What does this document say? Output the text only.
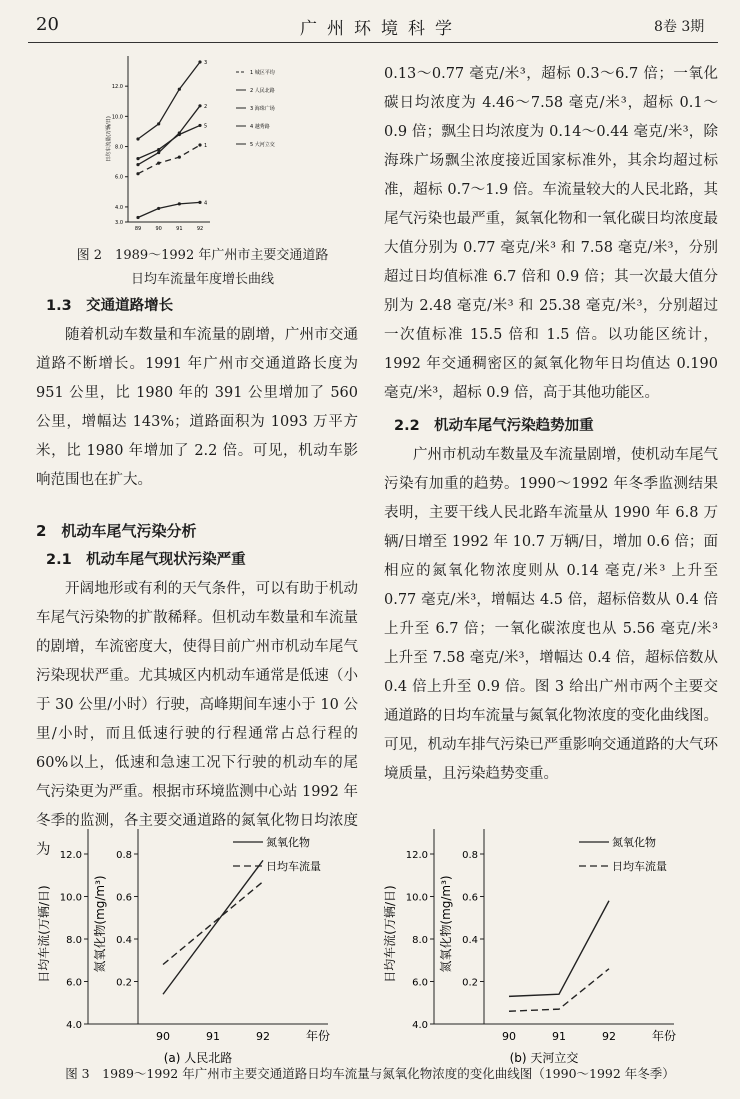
20	广州环境科学	8卷 3期
3.0
4.0
6.0
8.0
10.0
12.0
89	90	91	92
日均车流量(万辆/日)	1
1 城区平均
2
2 人民北路
3
3 海珠广场
4
4 越秀路
5
5 大河立交
图 2　1989～1992 年广州市主要交通道路
日均车流量年度增长曲线
1.3　交通道路增长

随着机动车数量和车流量的剧增，广州市交通道路不断增长。1991 年广州市交通道路长度为 951 公里，比 1980 年的 391 公里增加了 560 公里，增幅达 143%；道路面积为 1093 万平方米，比 1980 年增加了 2.2 倍。可见，机动车影响范围也在扩大。

2　机动车尾气污染分析
2.1　机动车尾气现状污染严重

开阔地形或有利的天气条件，可以有助于机动车尾气污染物的扩散稀释。但机动车数量和车流量的剧增，车流密度大，使得目前广州市机动车尾气污染现状严重。尤其城区内机动车通常是低速（小于 30 公里/小时）行驶，高峰期间车速小于 10 公里/小时，而且低速行驶的行程通常占总行程的 60%以上，低速和急速工况下行驶的机动车的尾气污染更为严重。根据市环境监测中心站 1992 年冬季的监测，各主要交通道路的氮氧化物日均浓度为

0.13～0.77 毫克/米³，超标 0.3～6.7 倍；一氧化碳日均浓度为 4.46～7.58 毫克/米³，超标 0.1～0.9 倍；飘尘日均浓度为 0.14～0.44 毫克/米³，除海珠广场飘尘浓度接近国家标准外，其余均超过标准，超标 0.7～1.9 倍。车流量较大的人民北路，其尾气污染也最严重，氮氧化物和一氧化碳日均浓度最大值分别为 0.77 毫克/米³ 和 7.58 毫克/米³，分别超过日均值标准 6.7 倍和 0.9 倍；其一次最大值分别为 2.48 毫克/米³ 和 25.38 毫克/米³，分别超过一次值标准 15.5 倍和 1.5 倍。以功能区统计，1992 年交通稠密区的氮氧化物年日均值达 0.190 毫克/米³，超标 0.9 倍，高于其他功能区。

2.2　机动车尾气污染趋势加重

广州市机动车数量及车流量剧增，使机动车尾气污染有加重的趋势。1990～1992 年冬季监测结果表明，主要干线人民北路车流量从 1990 年 6.8 万辆/日增至 1992 年 10.7 万辆/日，增加 0.6 倍；面相应的氮氧化物浓度则从 0.14 毫克/米³ 上升至 0.77 毫克/米³，增幅达 4.5 倍，超标倍数从 0.4 倍上升至 6.7 倍；一氧化碳浓度也从 5.56 毫克/米³ 上升至 7.58 毫克/米³，增幅达 0.4 倍，超标倍数从 0.4 倍上升至 0.9 倍。图 3 给出广州市两个主要交通道路的日均车流量与氮氧化物浓度的变化曲线图。可见，机动车排气污染已严重影响交通道路的大气环境质量，且污染趋势变重。

4.0
6.0
8.0
10.0
12.0
0.2
0.4
0.6
0.8
90	91	92	年份
日均车流(万辆/日)	氮氧化物(mg/m³)
氮氧化物
日均车流量
(a) 人民北路
4.0
6.0
8.0
10.0
12.0
0.2
0.4
0.6
0.8
90	91	92	年份
日均车流(万辆/日)	氮氧化物(mg/m³)
氮氧化物
日均车流量
(b) 天河立交
图 3　1989～1992 年广州市主要交通道路日均车流量与氮氧化物浓度的变化曲线图（1990～1992 年冬季）
